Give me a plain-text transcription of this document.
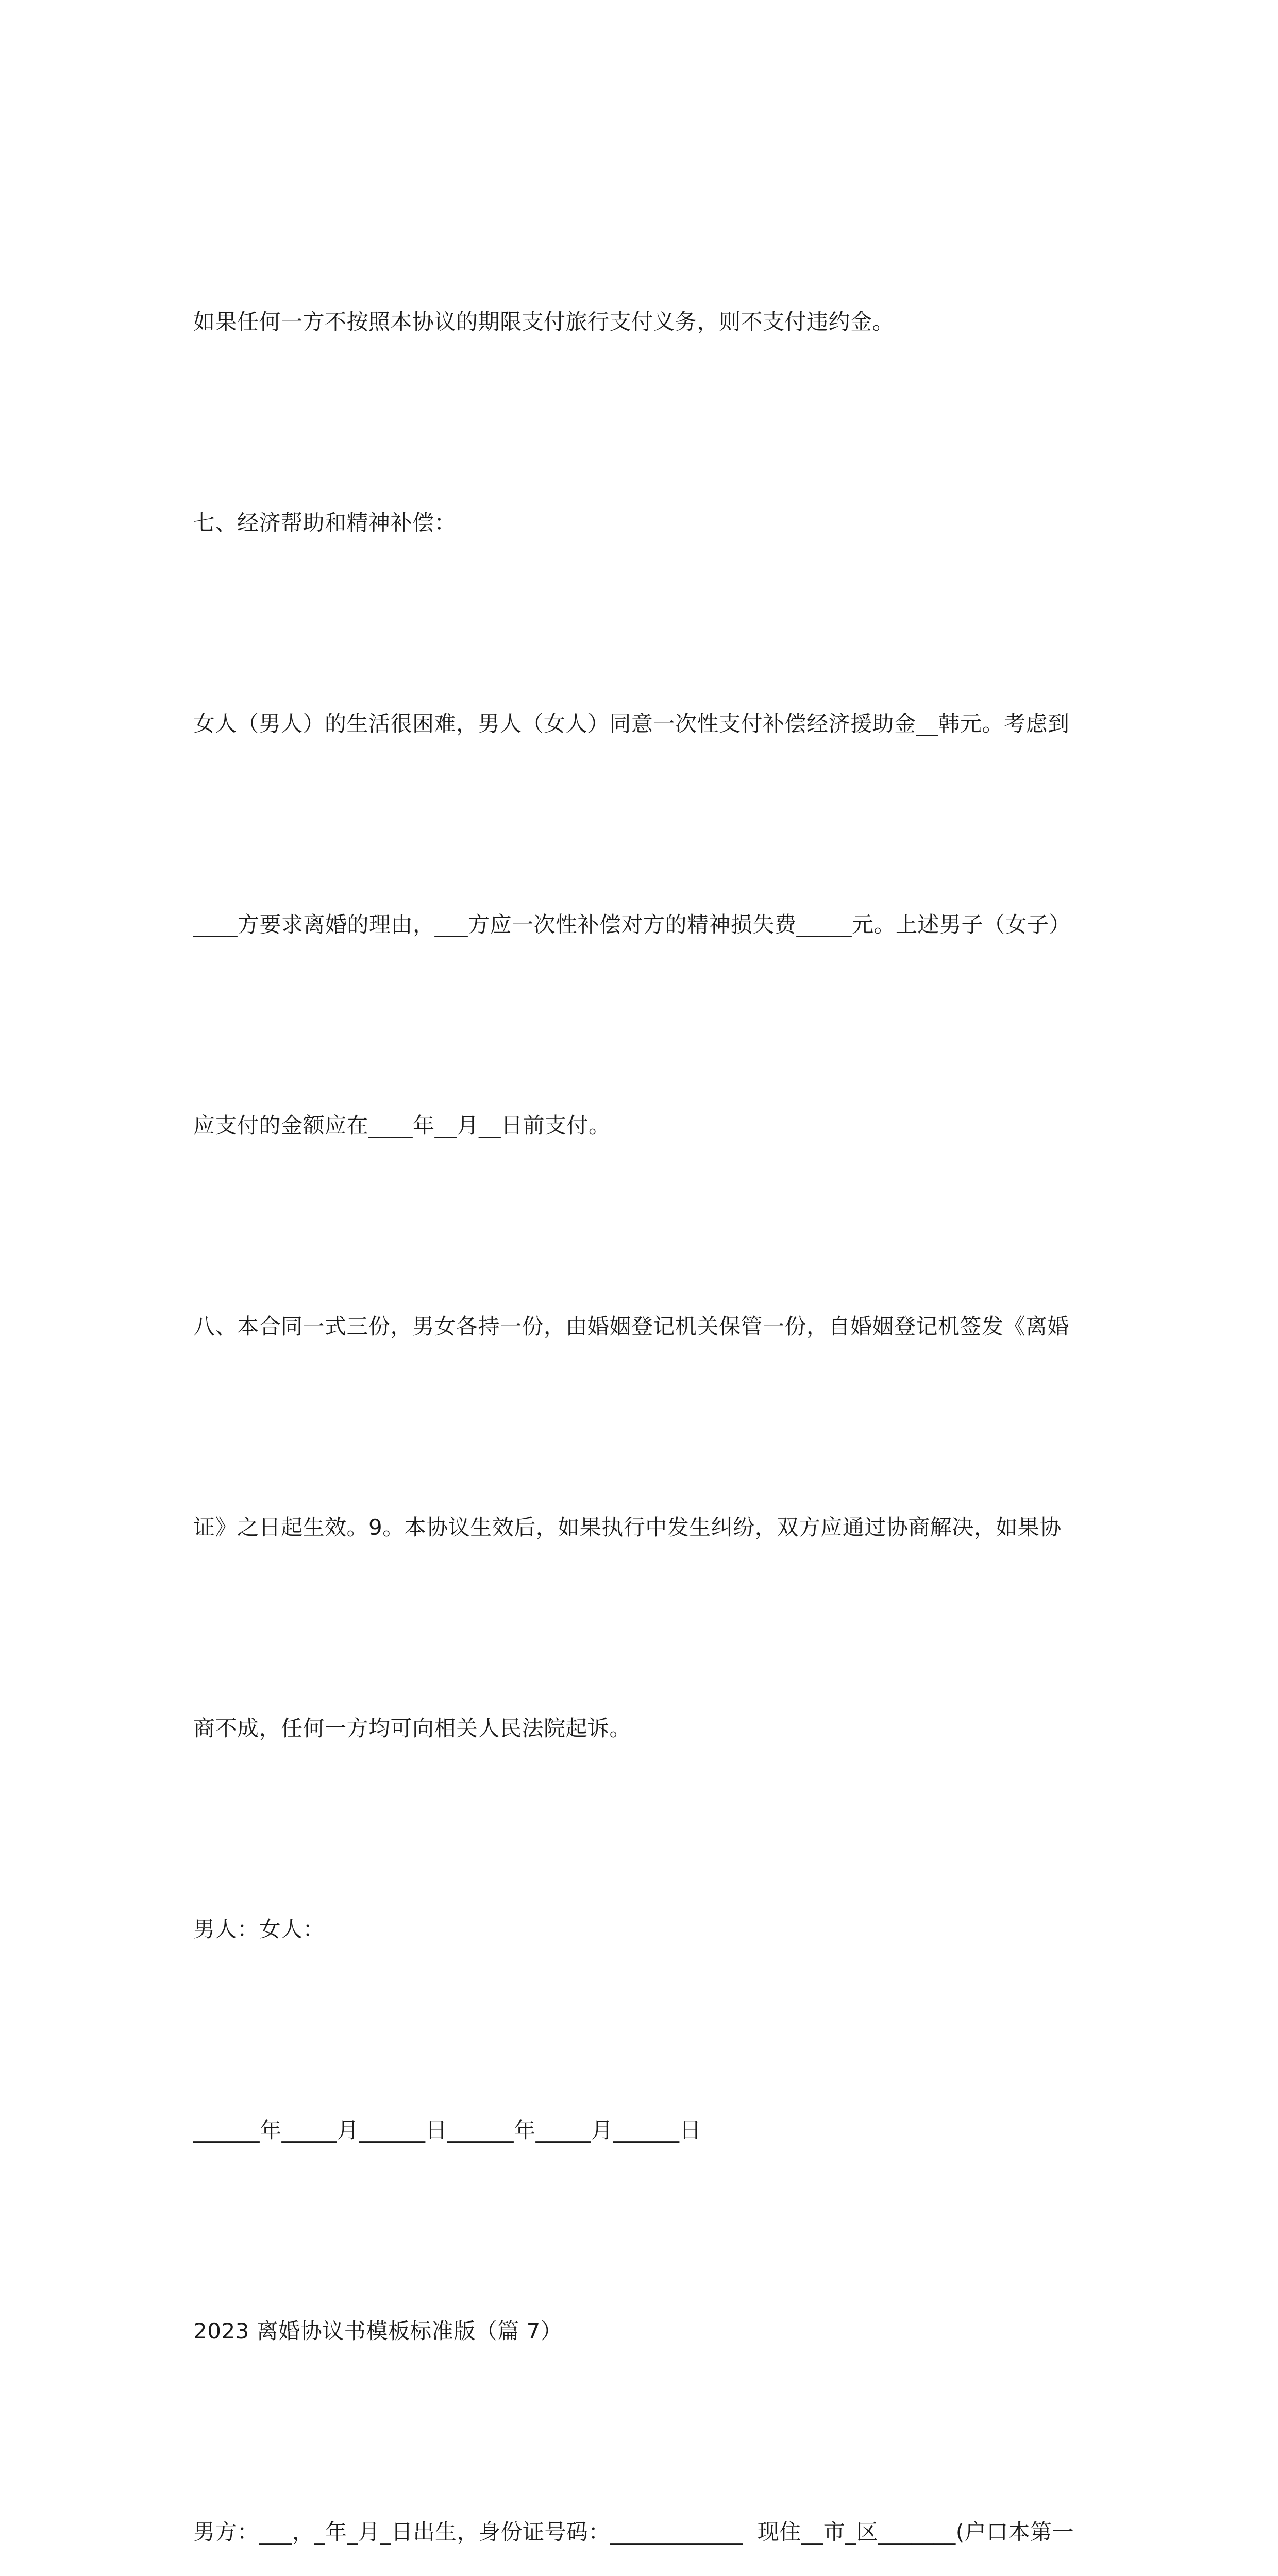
如果任何一方不按照本协议的期限支付旅行支付义务，则不支付违约金。

七、经济帮助和精神补偿：

女人（男人）的生活很困难，男人（女人）同意一次性支付补偿经济援助金__韩元。考虑到

____方要求离婚的理由，___方应一次性补偿对方的精神损失费_____元。上述男子（女子）

应支付的金额应在____年__月__日前支付。

八、本合同一式三份，男女各持一份，由婚姻登记机关保管一份，自婚姻登记机签发《离婚

证》之日起生效。9。本协议生效后，如果执行中发生纠纷，双方应通过协商解决，如果协

商不成，任何一方均可向相关人民法院起诉。

男人：女人：

______年_____月______日______年_____月______日

2023 离婚协议书模板标准版（篇 7）

男方：___，_年_月_日出生，身份证号码：____________  现住__市_区_______(户口本第一
